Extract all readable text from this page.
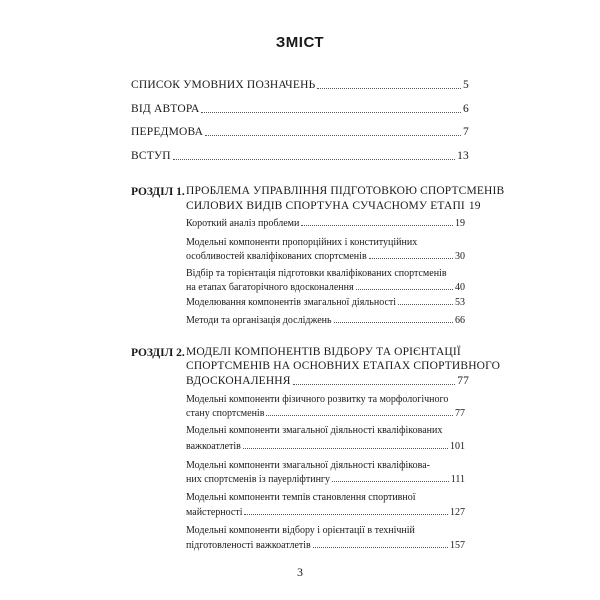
ЗМІСТ
СПИСОК УМОВНИХ ПОЗНАЧЕНЬ	5
ВІД АВТОРА	6
ПЕРЕДМОВА	7
ВСТУП	13
РОЗДІЛ 1. ПРОБЛЕМА УПРАВЛІННЯ ПІДГОТОВКОЮ СПОРТСМЕНІВ
СИЛОВИХ ВИДІВ СПОРТУНА СУЧАСНОМУ ЕТАПІ 19
Короткий аналіз проблеми	19
Модельні компоненти пропорційних і конституційних
особливостей кваліфікованих спортсменів	30
Відбір та торієнтація підготовки кваліфікованих спортсменів
на етапах багаторічного вдосконалення	40
Моделювання компонентів змагальної діяльності	53
Методи та організація досліджень	66
РОЗДІЛ 2. МОДЕЛІ КОМПОНЕНТІВ ВІДБОРУ ТА ОРІЄНТАЦІЇ
СПОРТСМЕНІВ НА ОСНОВНИХ ЕТАПАХ СПОРТИВНОГО
ВДОСКОНАЛЕННЯ	77
Модельні компоненти фізичного розвитку та морфологічного
стану спортсменів	77
Модельні компоненти змагальної діяльності кваліфікованих
важкоатлетів	101
Модельні компоненти змагальної діяльності кваліфікова-
них спортсменів із пауерліфтингу	111
Модельні компоненти темпів становлення спортивної
майстерності	127
Модельні компоненти відбору і орієнтації в технічній
підготовленості важкоатлетів	157
3
